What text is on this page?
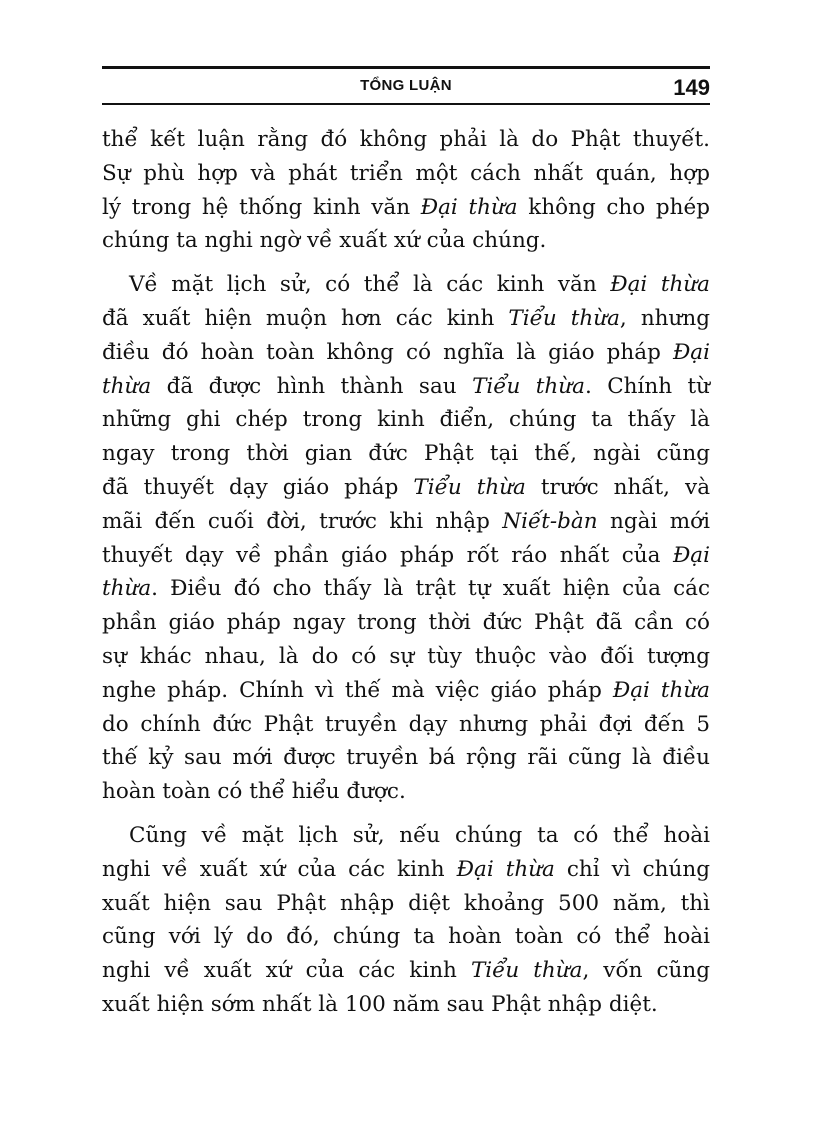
TỔNG LUẬN	149
thể kết luận rằng đó không phải là do Phật thuyết.
Sự phù hợp và phát triển một cách nhất quán, hợp
lý trong hệ thống kinh văn Đại thừa không cho phép
chúng ta nghi ngờ về xuất xứ của chúng.
Về mặt lịch sử, có thể là các kinh văn Đại thừa
đã xuất hiện muộn hơn các kinh Tiểu thừa, nhưng
điều đó hoàn toàn không có nghĩa là giáo pháp Đại
thừa đã được hình thành sau Tiểu thừa. Chính từ
những ghi chép trong kinh điển, chúng ta thấy là
ngay trong thời gian đức Phật tại thế, ngài cũng
đã thuyết dạy giáo pháp Tiểu thừa trước nhất, và
mãi đến cuối đời, trước khi nhập Niết-bàn ngài mới
thuyết dạy về phần giáo pháp rốt ráo nhất của Đại
thừa. Điều đó cho thấy là trật tự xuất hiện của các
phần giáo pháp ngay trong thời đức Phật đã cần có
sự khác nhau, là do có sự tùy thuộc vào đối tượng
nghe pháp. Chính vì thế mà việc giáo pháp Đại thừa
do chính đức Phật truyền dạy nhưng phải đợi đến 5
thế kỷ sau mới được truyền bá rộng rãi cũng là điều
hoàn toàn có thể hiểu được.
Cũng về mặt lịch sử, nếu chúng ta có thể hoài
nghi về xuất xứ của các kinh Đại thừa chỉ vì chúng
xuất hiện sau Phật nhập diệt khoảng 500 năm, thì
cũng với lý do đó, chúng ta hoàn toàn có thể hoài
nghi về xuất xứ của các kinh Tiểu thừa, vốn cũng
xuất hiện sớm nhất là 100 năm sau Phật nhập diệt.
